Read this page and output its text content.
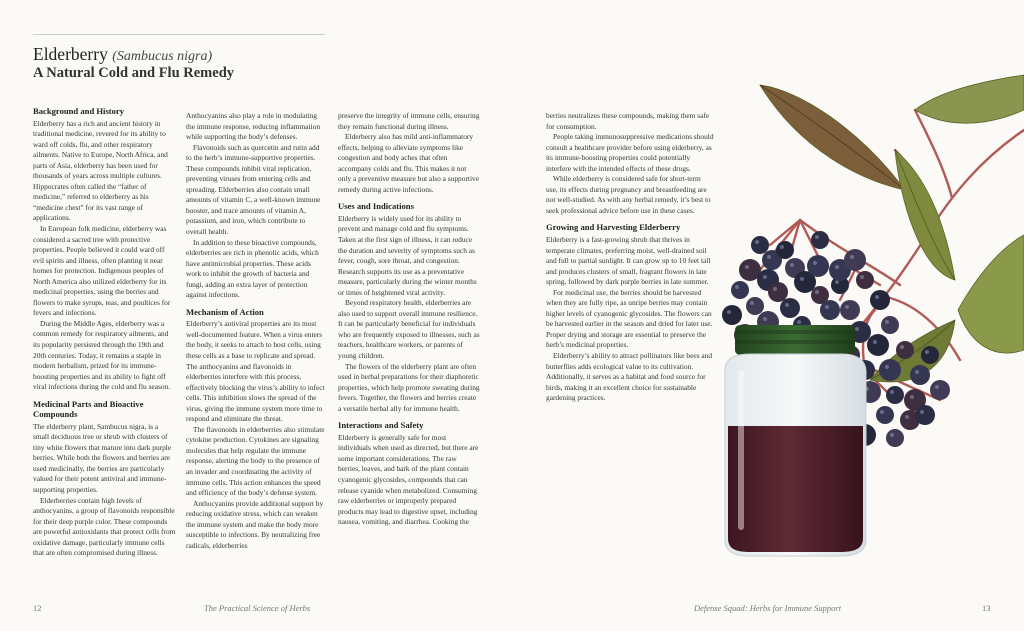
Elderberry (Sambucus nigra)
A Natural Cold and Flu Remedy
Background and History

Elderberry has a rich and ancient history in traditional medicine, revered for its ability to ward off colds, flu, and other respiratory ailments. Native to Europe, North Africa, and parts of Asia, elderberry has been used for thousands of years across multiple cultures. Hippocrates often called the “father of medicine,” referred to elderberry as his “medicine chest” for its vast range of applications.

In European folk medicine, elderberry was considered a sacred tree with protective properties. People believed it could ward off evil spirits and illness, often planting it near homes for protection. Indigenous peoples of North America also utilized elderberry for its medicinal properties, using the berries and flowers to make syrups, teas, and poultices for fevers and infections.

During the Middle Ages, elderberry was a common remedy for respiratory ailments, and its popularity persisted through the 19th and 20th centuries. Today, it remains a staple in modern herbalism, prized for its immune-boosting properties and its ability to fight off viral infections during the cold and flu season.

Medicinal Parts and Bioactive Compounds

The elderberry plant, Sambucus nigra, is a small deciduous tree or shrub with clusters of tiny white flowers that mature into dark purple berries. While both the flowers and berries are used medicinally, the berries are particularly valued for their potent antiviral and immune-supporting properties.

Elderberries contain high levels of anthocyanins, a group of flavonoids responsible for their deep purple color. These compounds are powerful antioxidants that protect cells from oxidative damage, particularly immune cells that are often compromised during illness.

Anthocyanins also play a role in modulating the immune response, reducing inflammation while supporting the body’s defenses.

Flavonoids such as quercetin and rutin add to the herb’s immune-supportive properties. These compounds inhibit viral replication, preventing viruses from entering cells and spreading. Elderberries also contain small amounts of vitamin C, a well-known immune booster, and trace amounts of vitamin A, potassium, and iron, which contribute to overall health.

In addition to these bioactive compounds, elderberries are rich in phenolic acids, which have antimicrobial properties. These acids work to inhibit the growth of bacteria and fungi, adding an extra layer of protection against infections.

Mechanism of Action

Elderberry’s antiviral properties are its most well-documented feature. When a virus enters the body, it seeks to attach to host cells, using these cells as a base to replicate and spread. The anthocyanins and flavonoids in elderberries interfere with this process, effectively blocking the virus’s ability to infect cells. This inhibition slows the spread of the virus, giving the immune system more time to respond and eliminate the threat.

The flavonoids in elderberries also stimulate cytokine production. Cytokines are signaling molecules that help regulate the immune response, alerting the body to the presence of an invader and coordinating the activity of immune cells. This action enhances the speed and efficiency of the body’s defense system.

Anthocyanins provide additional support by reducing oxidative stress, which can weaken the immune system and make the body more susceptible to infections. By neutralizing free radicals, elderberries

preserve the integrity of immune cells, ensuring they remain functional during illness.

Elderberry also has mild anti-inflammatory effects, helping to alleviate symptoms like congestion and body aches that often accompany colds and flu. This makes it not only a preventive measure but also a supportive remedy during active infections.

Uses and Indications

Elderberry is widely used for its ability to prevent and manage cold and flu symptoms. Taken at the first sign of illness, it can reduce the duration and severity of symptoms such as fever, cough, sore throat, and congestion. Research supports its use as a preventative measure, particularly during the winter months or times of heightened viral activity.

Beyond respiratory health, elderberries are also used to support overall immune resilience. It can be particularly beneficial for individuals who are frequently exposed to illnesses, such as teachers, healthcare workers, or parents of young children.

The flowers of the elderberry plant are often used in herbal preparations for their diaphoretic properties, which help promote sweating during fevers. Together, the flowers and berries create a versatile herbal ally for immune health.

Interactions and Safety

Elderberry is generally safe for most individuals when used as directed, but there are some important considerations. The raw berries, leaves, and bark of the plant contain cyanogenic glycosides, compounds that can release cyanide when metabolized. Consuming raw elderberries or improperly prepared products may lead to digestive upset, including nausea, vomiting, and diarrhea. Cooking the

berries neutralizes these compounds, making them safe for consumption.

People taking immunosuppressive medications should consult a healthcare provider before using elderberry, as its immune-boosting properties could potentially interfere with the intended effects of these drugs.

While elderberry is considered safe for short-term use, its effects during pregnancy and breastfeeding are not well-studied. As with any herbal remedy, it’s best to seek professional advice before use in these cases.

Growing and Harvesting Elderberry

Elderberry is a fast-growing shrub that thrives in temperate climates, preferring moist, well-drained soil and full to partial sunlight. It can grow up to 10 feet tall and produces clusters of small, fragrant flowers in late spring, followed by dark purple berries in late summer.

For medicinal use, the berries should be harvested when they are fully ripe, as unripe berries may contain higher levels of cyanogenic glycosides. The flowers can be harvested earlier in the season and dried for later use. Proper drying and storage are essential to preserve the herb’s medicinal properties.

Elderberry’s ability to attract pollinators like bees and butterflies adds ecological value to its cultivation. Additionally, it serves as a habitat and food source for birds, making it an excellent choice for sustainable gardening practices.

12	The Practical Science of Herbs	Defense Squad: Herbs for Immune Support	13
